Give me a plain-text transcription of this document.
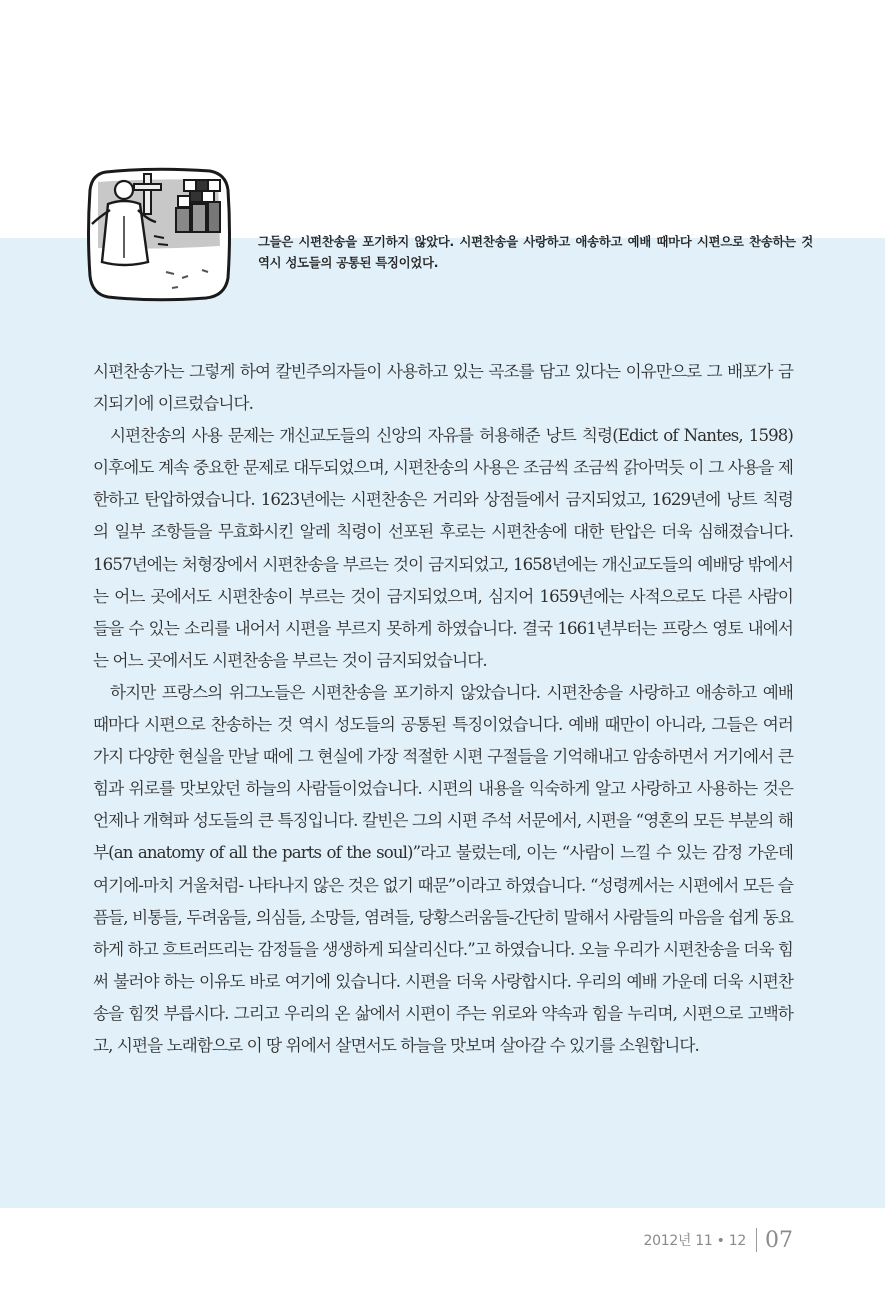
그들은 시편찬송을 포기하지 않았다. 시편찬송을 사랑하고 애송하고 예배 때마다 시편으로 찬송하는 것 역시 성도들의 공통된 특징이었다.

시편찬송가는 그렇게 하여 칼빈주의자들이 사용하고 있는 곡조를 담고 있다는 이유만으로 그 배포가 금지되기에 이르렀습니다.

시편찬송의 사용 문제는 개신교도들의 신앙의 자유를 허용해준 낭트 칙령(Edict of Nantes, 1598) 이후에도 계속 중요한 문제로 대두되었으며, 시편찬송의 사용은 조금씩 조금씩 갉아먹듯 이 그 사용을 제한하고 탄압하였습니다. 1623년에는 시편찬송은 거리와 상점들에서 금지되었고, 1629년에 낭트 칙령의 일부 조항들을 무효화시킨 알레 칙령이 선포된 후로는 시편찬송에 대한 탄압은 더욱 심해졌습니다. 1657년에는 처형장에서 시편찬송을 부르는 것이 금지되었고, 1658년에는 개신교도들의 예배당 밖에서는 어느 곳에서도 시편찬송이 부르는 것이 금지되었으며, 심지어 1659년에는 사적으로도 다른 사람이 들을 수 있는 소리를 내어서 시편을 부르지 못하게 하였습니다. 결국 1661년부터는 프랑스 영토 내에서는 어느 곳에서도 시편찬송을 부르는 것이 금지되었습니다.

하지만 프랑스의 위그노들은 시편찬송을 포기하지 않았습니다. 시편찬송을 사랑하고 애송하고 예배 때마다 시편으로 찬송하는 것 역시 성도들의 공통된 특징이었습니다. 예배 때만이 아니라, 그들은 여러 가지 다양한 현실을 만날 때에 그 현실에 가장 적절한 시편 구절들을 기억해내고 암송하면서 거기에서 큰 힘과 위로를 맛보았던 하늘의 사람들이었습니다. 시편의 내용을 익숙하게 알고 사랑하고 사용하는 것은 언제나 개혁파 성도들의 큰 특징입니다. 칼빈은 그의 시편 주석 서문에서, 시편을 “영혼의 모든 부분의 해부(an anatomy of all the parts of the soul)”라고 불렀는데, 이는 “사람이 느낄 수 있는 감정 가운데 여기에-마치 거울처럼- 나타나지 않은 것은 없기 때문”이라고 하였습니다. “성령께서는 시편에서 모든 슬픔들, 비통들, 두려움들, 의심들, 소망들, 염려들, 당황스러움들-간단히 말해서 사람들의 마음을 쉽게 동요하게 하고 흐트러뜨리는 감정들을 생생하게 되살리신다.”고 하였습니다. 오늘 우리가 시편찬송을 더욱 힘써 불러야 하는 이유도 바로 여기에 있습니다. 시편을 더욱 사랑합시다. 우리의 예배 가운데 더욱 시편찬송을 힘껏 부릅시다. 그리고 우리의 온 삶에서 시편이 주는 위로와 약속과 힘을 누리며, 시편으로 고백하고, 시편을 노래함으로 이 땅 위에서 살면서도 하늘을 맛보며 살아갈 수 있기를 소원합니다.

2012년 11 • 12 07
